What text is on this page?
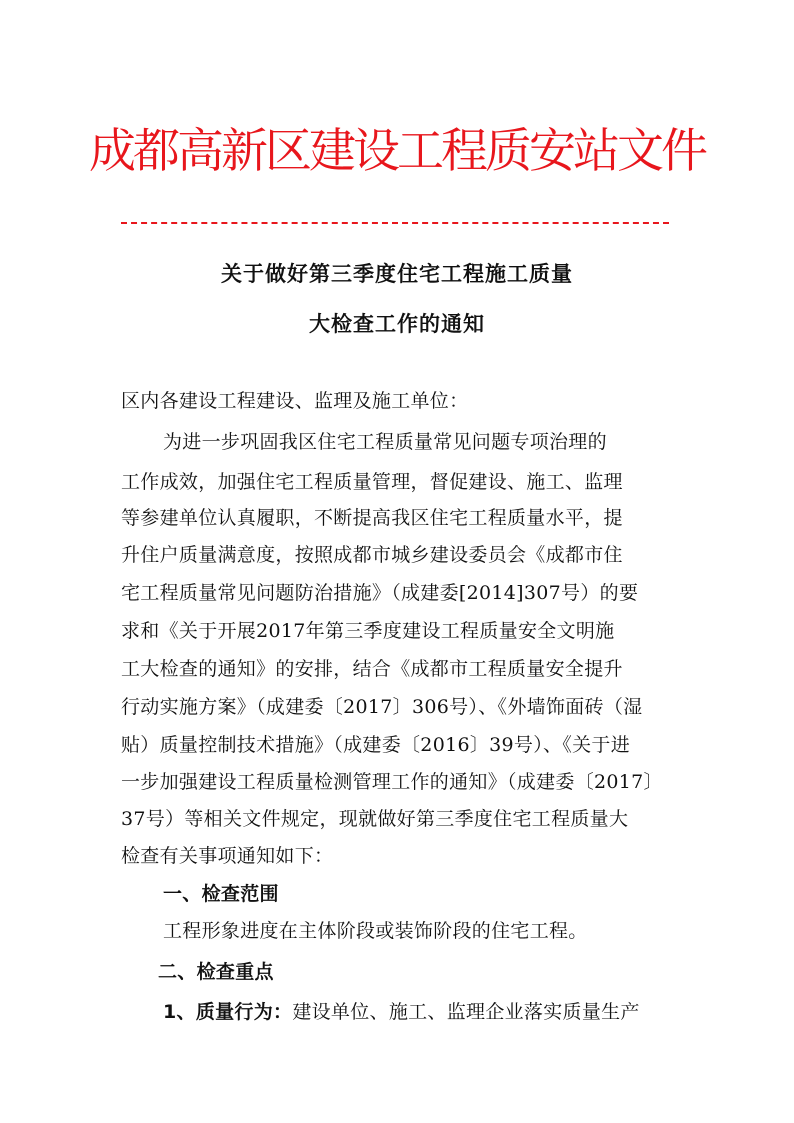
成都高新区建设工程质安站文件
关于做好第三季度住宅工程施工质量
大检查工作的通知
区内各建设工程建设、监理及施工单位：
为进一步巩固我区住宅工程质量常见问题专项治理的
工作成效，加强住宅工程质量管理，督促建设、施工、监理
等参建单位认真履职，不断提高我区住宅工程质量水平，提
升住户质量满意度，按照成都市城乡建设委员会《成都市住
宅工程质量常见问题防治措施》（成建委[2014]307号）的要
求和《关于开展2017年第三季度建设工程质量安全文明施
工大检查的通知》的安排，结合《成都市工程质量安全提升
行动实施方案》（成建委〔2017〕306号）、《外墙饰面砖（湿
贴）质量控制技术措施》（成建委〔2016〕39号）、《关于进
一步加强建设工程质量检测管理工作的通知》（成建委〔2017〕
37号）等相关文件规定，现就做好第三季度住宅工程质量大
检查有关事项通知如下：
一、检查范围
工程形象进度在主体阶段或装饰阶段的住宅工程。
二、检查重点
1、质量行为：建设单位、施工、监理企业落实质量生产
